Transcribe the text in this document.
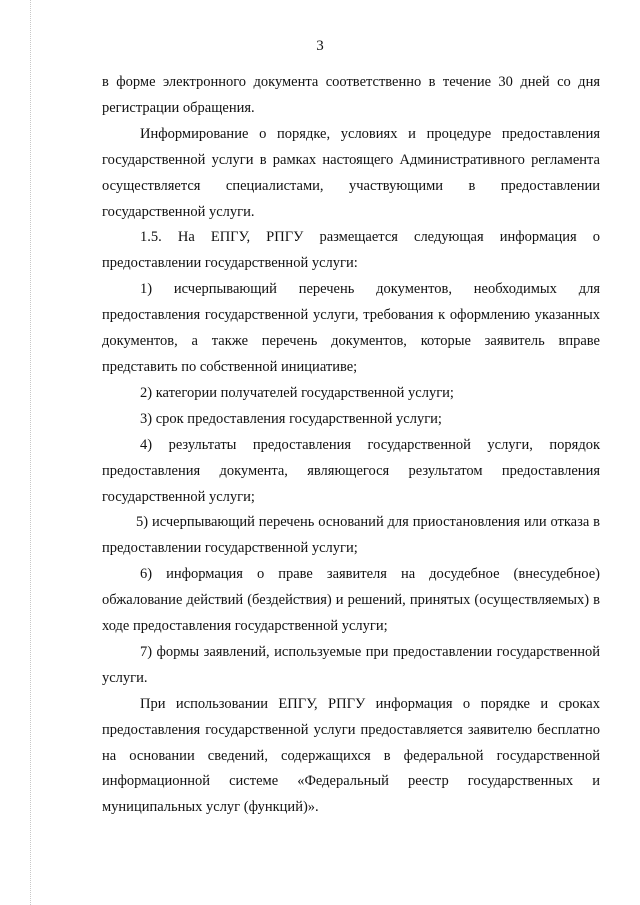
3

в форме электронного документа соответственно в течение 30 дней со дня регистрации обращения.

Информирование о порядке, условиях и процедуре предоставления государственной услуги в рамках настоящего Административного регламента осуществляется специалистами, участвующими в предоставлении государственной услуги.

1.5. На ЕПГУ, РПГУ размещается следующая информация о предоставлении государственной услуги:

1) исчерпывающий перечень документов, необходимых для предоставления государственной услуги, требования к оформлению указанных документов, а также перечень документов, которые заявитель вправе представить по собственной инициативе;

2) категории получателей государственной услуги;

3) срок предоставления государственной услуги;

4) результаты предоставления государственной услуги, порядок предоставления документа, являющегося результатом предоставления государственной услуги;

5) исчерпывающий перечень оснований для приостановления или отказа в предоставлении государственной услуги;

6) информация о праве заявителя на досудебное (внесудебное) обжалование действий (бездействия) и решений, принятых (осуществляемых) в ходе предоставления государственной услуги;

7) формы заявлений, используемые при предоставлении государственной услуги.

При использовании ЕПГУ, РПГУ информация о порядке и сроках предоставления государственной услуги предоставляется заявителю бесплатно на основании сведений, содержащихся в федеральной государственной информационной системе «Федеральный реестр государственных и муниципальных услуг (функций)».
